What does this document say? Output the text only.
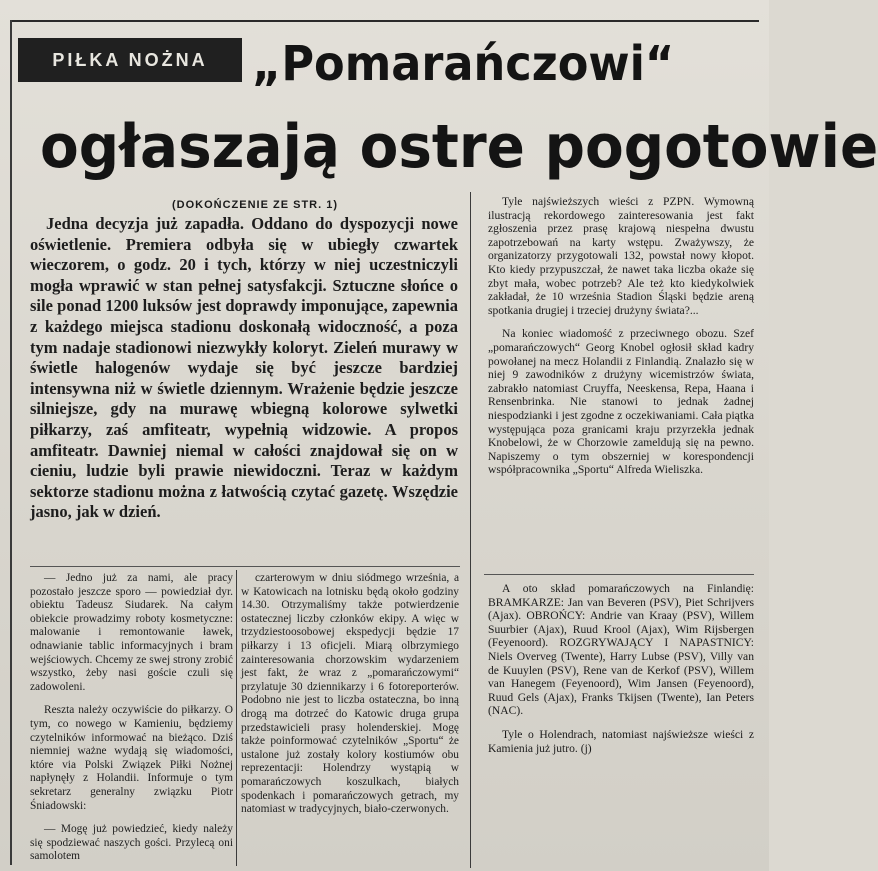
PIŁKA NOŻNA „Pomarańczowi“
ogłaszają ostre pogotowie
(DOKOŃCZENIE ZE STR. 1)

Jedna decyzja już zapadła. Oddano do dyspozycji nowe oświetlenie. Premiera odbyła się w ubiegły czwartek wieczorem, o godz. 20 i tych, którzy w niej uczestniczyli mogła wprawić w stan pełnej satysfakcji. Sztuczne słońce o sile ponad 1200 luksów jest doprawdy imponujące, zapewnia z każdego miejsca stadionu doskonałą widoczność, a poza tym nadaje stadionowi niezwykły koloryt. Zieleń murawy w świetle halogenów wydaje się być jeszcze bardziej intensywna niż w świetle dziennym. Wrażenie będzie jeszcze silniejsze, gdy na murawę wbiegną kolorowe sylwetki piłkarzy, zaś amfiteatr, wypełnią widzowie. A propos amfiteatr. Dawniej niemal w całości znajdował się on w cieniu, ludzie byli prawie niewidoczni. Teraz w każdym sektorze stadionu można z łatwością czytać gazetę. Wszędzie jasno, jak w dzień.

— Jedno już za nami, ale pracy pozostało jeszcze sporo — powiedział dyr. obiektu Tadeusz Siudarek. Na całym obiekcie prowadzimy roboty kosmetyczne: malowanie i remontowanie ławek, odnawianie tablic informacyjnych i bram wejściowych. Chcemy ze swej strony zrobić wszystko, żeby nasi goście czuli się zadowoleni.

Reszta należy oczywiście do piłkarzy. O tym, co nowego w Kamieniu, będziemy czytelników informować na bieżąco. Dziś niemniej ważne wydają się wiadomości, które via Polski Związek Piłki Nożnej napłynęły z Holandii. Informuje o tym sekretarz generalny związku Piotr Śniadowski:

— Mogę już powiedzieć, kiedy należy się spodziewać naszych gości. Przylecą oni samolotem

czarterowym w dniu siódmego września, a w Katowicach na lotnisku będą około godziny 14.30. Otrzymaliśmy także potwierdzenie ostatecznej liczby członków ekipy. A więc w trzydziestoosobowej ekspedycji będzie 17 piłkarzy i 13 oficjeli. Miarą olbrzymiego zainteresowania chorzowskim wydarzeniem jest fakt, że wraz z „pomarańczowymi“ przylatuje 30 dziennikarzy i 6 fotoreporterów. Podobno nie jest to liczba ostateczna, bo inną drogą ma dotrzeć do Katowic druga grupa przedstawicieli prasy holenderskiej. Mogę także poinformować czytelników „Sportu“ że ustalone już zostały kolory kostiumów obu reprezentacji: Holendrzy wystąpią w pomarańczowych koszulkach, białych spodenkach i pomarańczowych getrach, my natomiast w tradycyjnych, biało-czerwonych.

Tyle najświeższych wieści z PZPN. Wymowną ilustracją rekordowego zainteresowania jest fakt zgłoszenia przez prasę krajową niespełna dwustu zapotrzebowań na karty wstępu. Zważywszy, że organizatorzy przygotowali 132, powstał nowy kłopot. Kto kiedy przypuszczał, że nawet taka liczba okaże się zbyt mała, wobec potrzeb? Ale też kto kiedykolwiek zakładał, że 10 września Stadion Śląski będzie areną spotkania drugiej i trzeciej drużyny świata?...

Na koniec wiadomość z przeciwnego obozu. Szef „pomarańczowych“ Georg Knobel ogłosił skład kadry powołanej na mecz Holandii z Finlandią. Znalazło się w niej 9 zawodników z drużyny wicemistrzów świata, zabrakło natomiast Cruyffa, Neeskensa, Repa, Haana i Rensenbrinka. Nie stanowi to jednak żadnej niespodzianki i jest zgodne z oczekiwaniami. Cała piątka występująca poza granicami kraju przyrzekła jednak Knobelowi, że w Chorzowie zameldują się na pewno. Napiszemy o tym obszerniej w korespondencji współpracownika „Sportu“ Alfreda Wieliszka.

A oto skład pomarańczowych na Finlandię: BRAMKARZE: Jan van Beveren (PSV), Piet Schrijvers (Ajax). OBROŃCY: Andrie van Kraay (PSV), Willem Suurbier (Ajax), Ruud Krool (Ajax), Wim Rijsbergen (Feyenoord). ROZGRYWAJĄCY I NAPASTNICY: Niels Overveg (Twente), Harry Lubse (PSV), Villy van de Kuuylen (PSV), Rene van de Kerkof (PSV), Willem van Hanegem (Feyenoord), Wim Jansen (Feyenoord), Ruud Gels (Ajax), Franks Tkijsen (Twente), Ian Peters (NAC).

Tyle o Holendrach, natomiast najświeższe wieści z Kamienia już jutro. (j)
